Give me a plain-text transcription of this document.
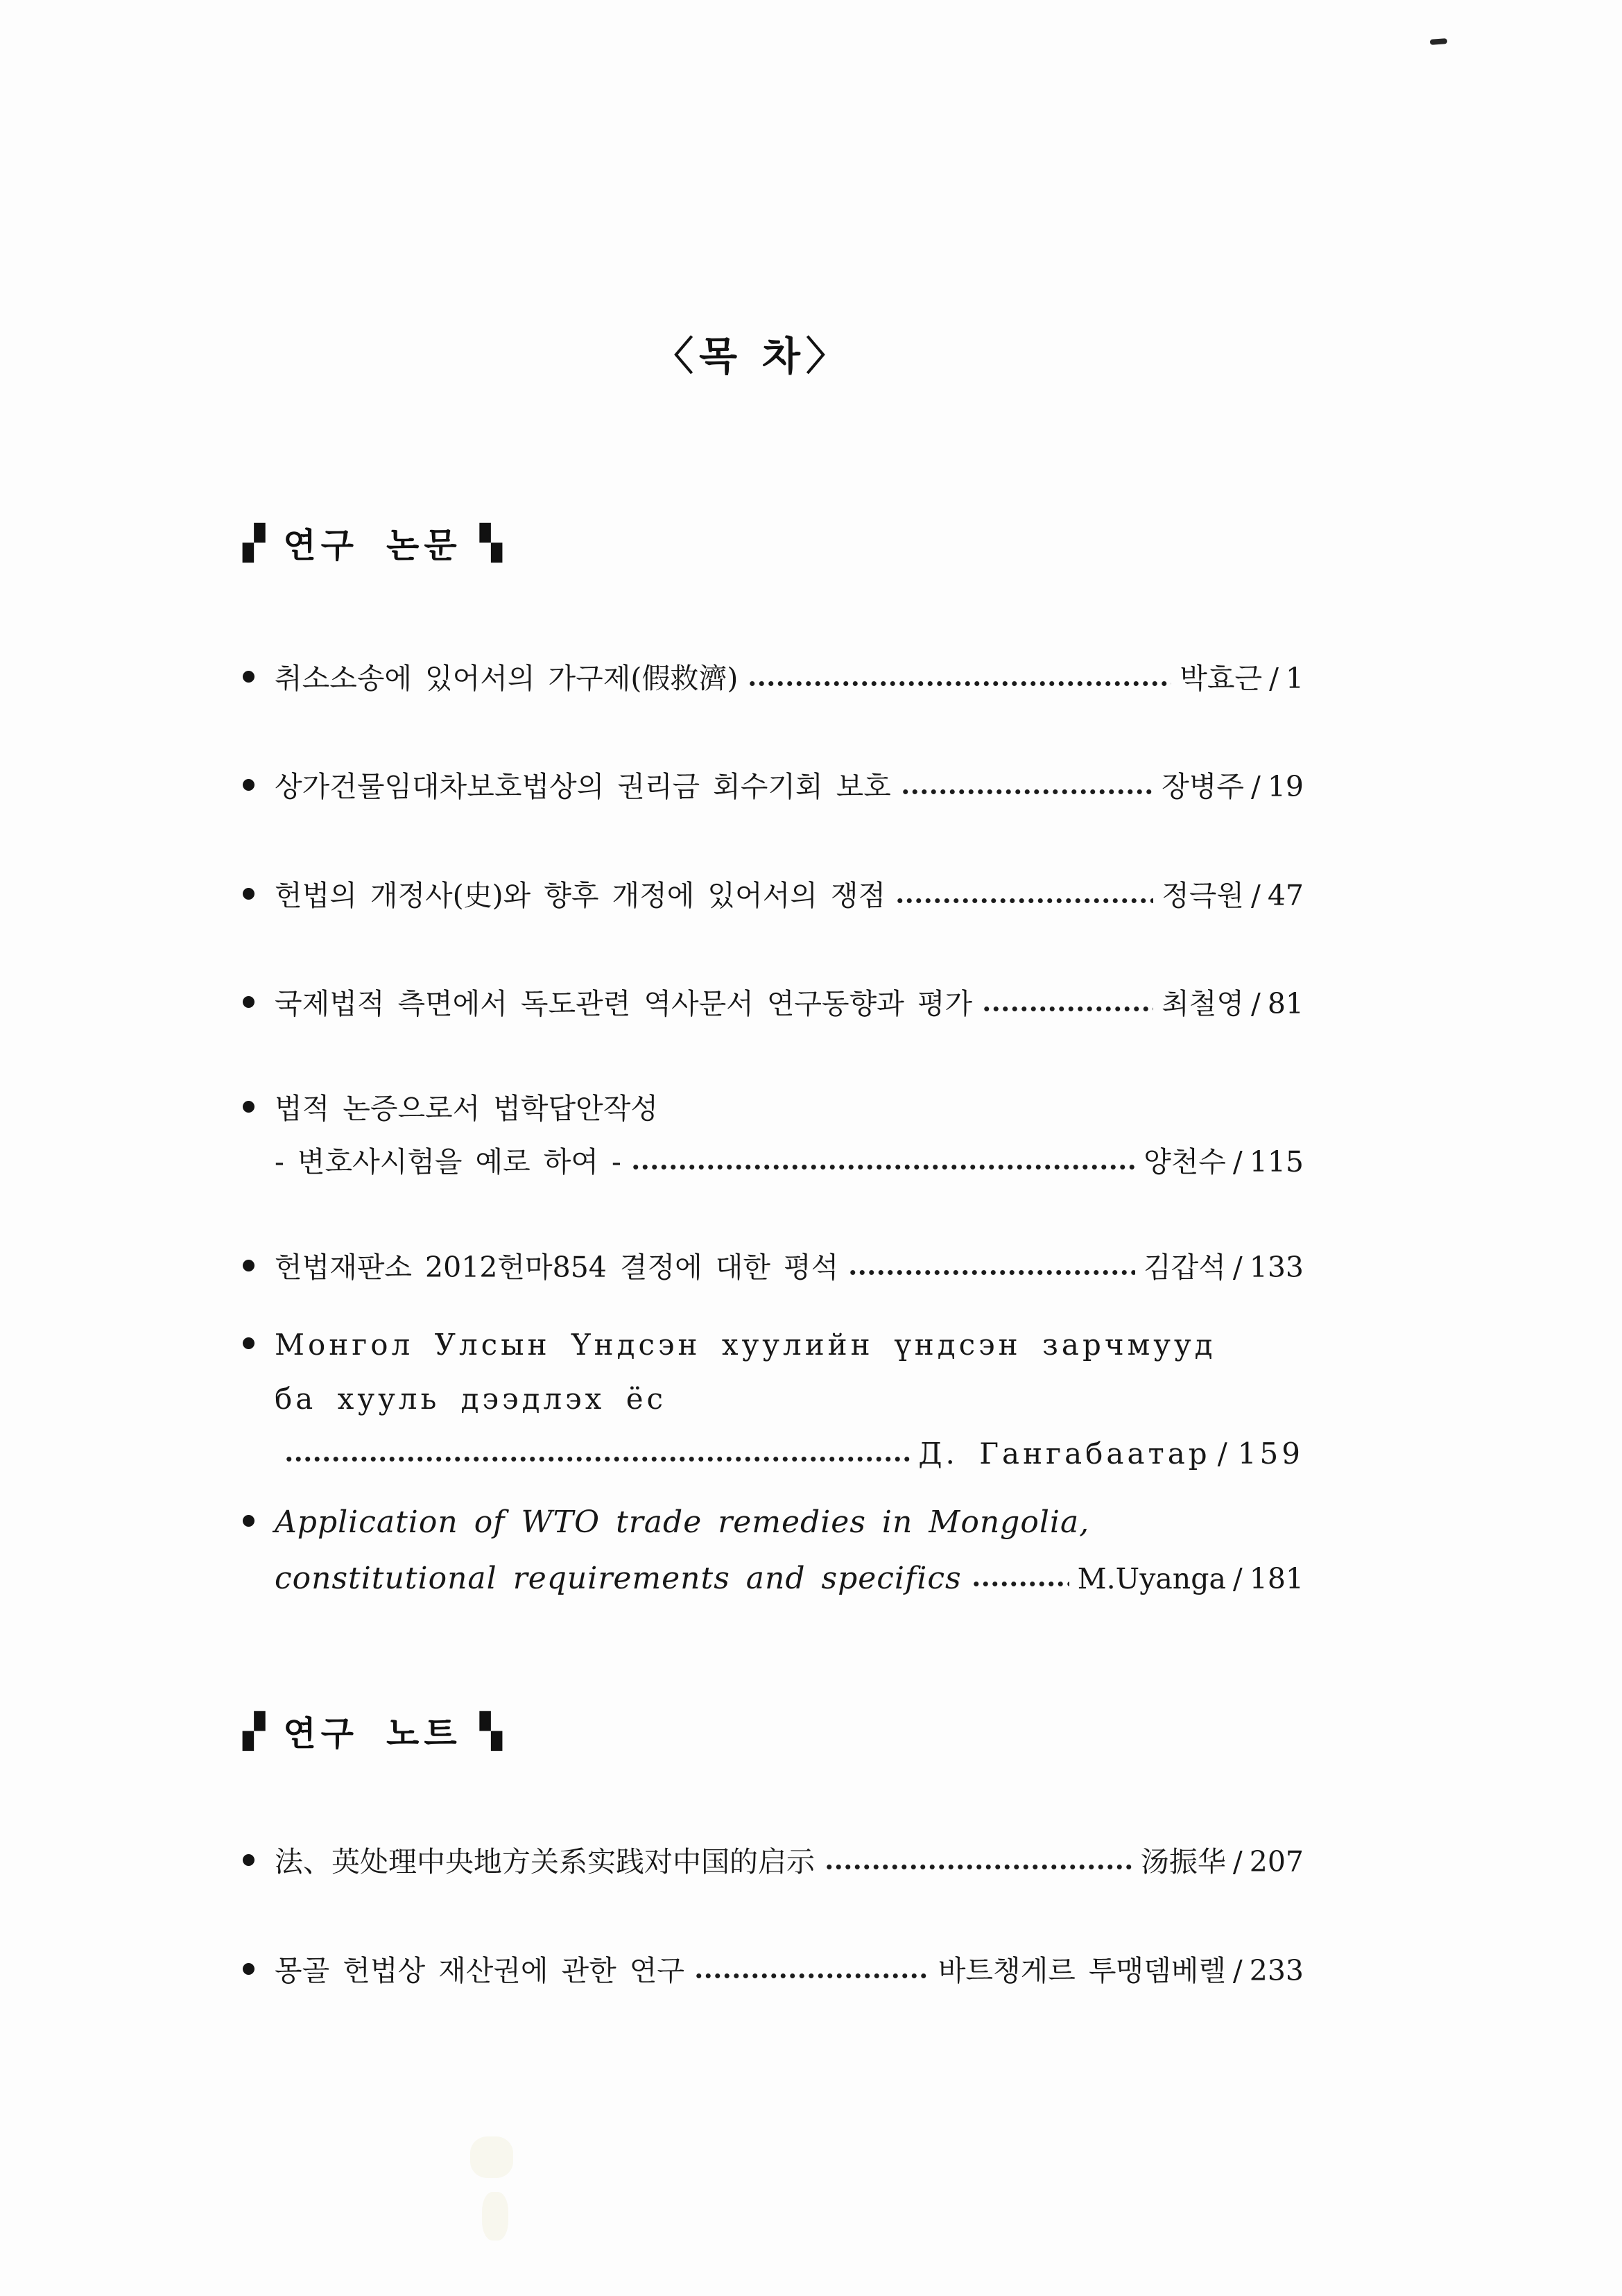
〈목 차〉
▞ 연구 논문 ▚
취소소송에 있어서의 가구제(假救濟)	박효근 / 1
상가건물임대차보호법상의 권리금 회수기회 보호	장병주 / 19
헌법의 개정사(史)와 향후 개정에 있어서의 쟁점	정극원 / 47
국제법적 측면에서 독도관련 역사문서 연구동향과 평가	최철영 / 81
법적 논증으로서 법학답안작성
- 변호사시험을 예로 하여 -	양천수 / 115
헌법재판소 2012헌마854 결정에 대한 평석	김갑석 / 133
Монгол Улсын Үндсэн хуулийн үндсэн зарчмууд
ба хууль дээдлэх ёс
Д. Гангабаатар / 159
Application of WTO trade remedies in Mongolia,
constitutional requirements and specifics	M.Uyanga / 181
▞ 연구 노트 ▚
法、英处理中央地方关系实践对中国的启示	汤振华 / 207
몽골 헌법상 재산권에 관한 연구	바트챙게르 투맹뎀베렐 / 233
